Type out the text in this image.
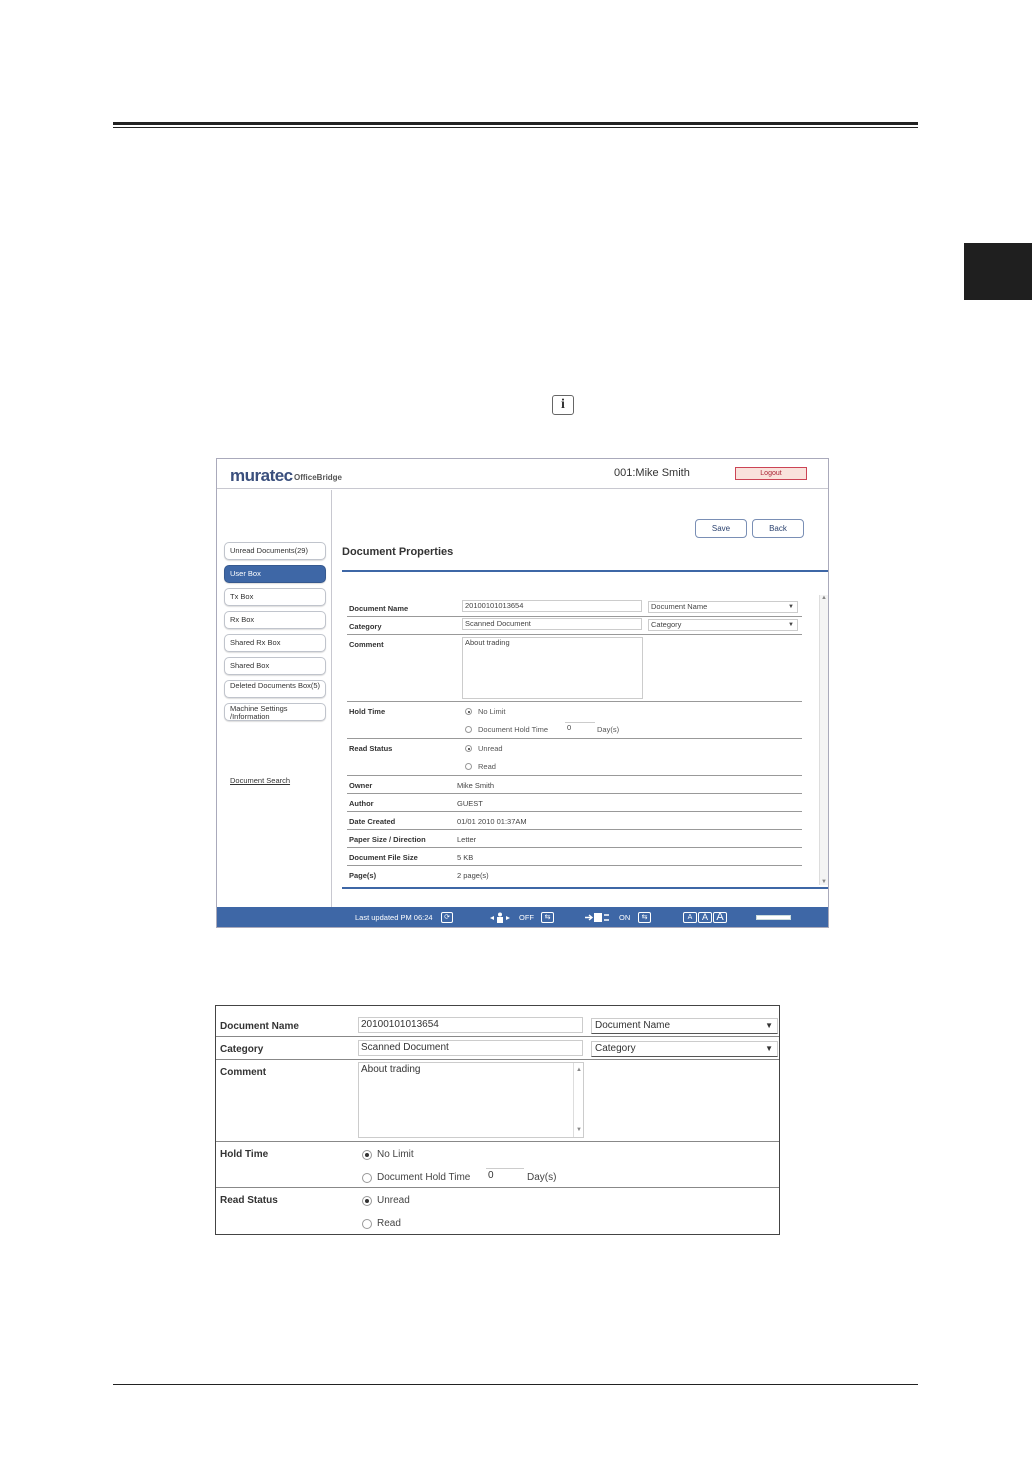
i
muratec OfficeBridge	001:Mike Smith	Logout
Unread Documents(29)
User Box
Tx Box
Rx Box
Shared Rx Box
Shared Box
Deleted Documents Box(5)
Machine Settings /Information
Document Search
Save	Back
Document Properties
Document Name	20100101013654	Document Name	▼
Category	Scanned Document	Category	▼
Comment	About trading
Hold Time	No Limit
Document Hold Time	0	Day(s)
Read Status	Unread
Read
Owner	Mike Smith
Author	GUEST
Date Created	01/01 2010 01:37AM
Paper Size / Direction	Letter
Document File Size	5 KB
Page(s)	2 page(s)
▲
▼
Last updated PM 06:24	⟳	OFF	⇆	ON	⇆	A	A A
Document Name	20100101013654	Document Name	▼
Category	Scanned Document	Category	▼
Comment	About trading	▲
▼
Hold Time	No Limit
Document Hold Time 0	Day(s)
Read Status	Unread
Read
